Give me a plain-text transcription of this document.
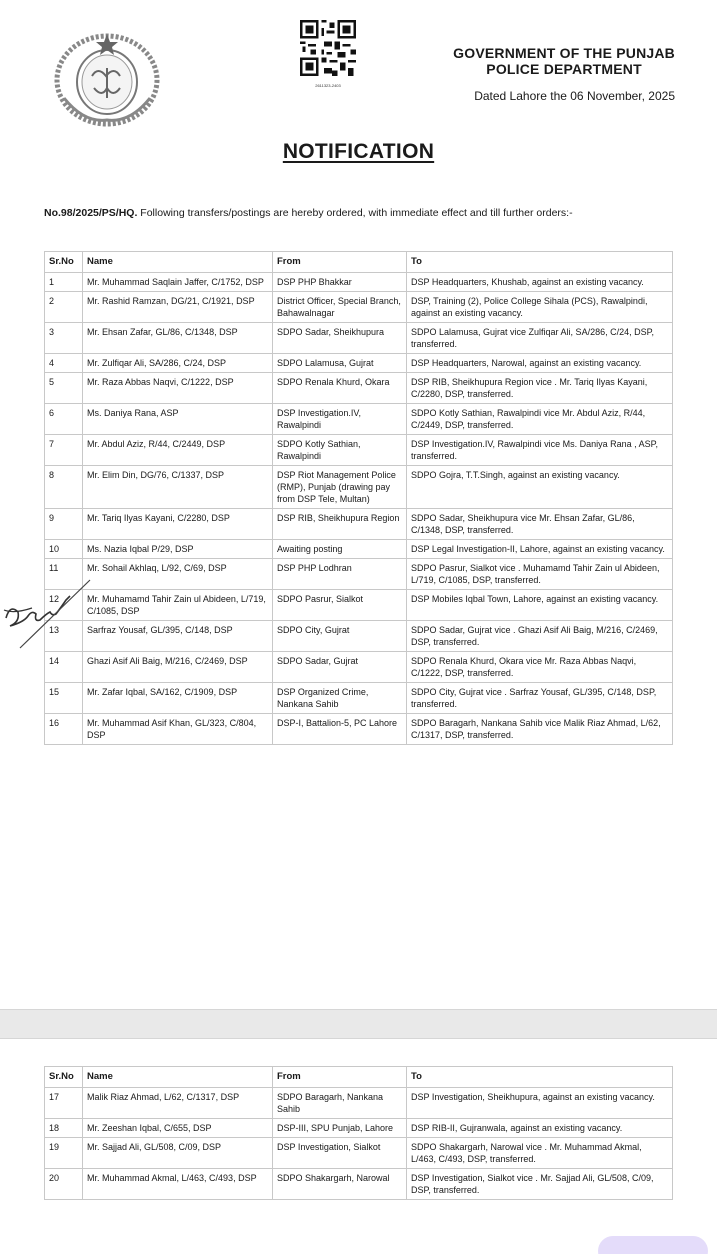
2611323-2403
GOVERNMENT OF THE PUNJAB
POLICE DEPARTMENT
Dated Lahore the 06 November, 2025
NOTIFICATION
No.98/2025/PS/HQ. Following transfers/postings are hereby ordered, with immediate effect and till further orders:-
Sr.No	Name	From	To
1	Mr. Muhammad Saqlain Jaffer, C/1752, DSP	DSP PHP Bhakkar	DSP Headquarters, Khushab, against an existing vacancy.
2	Mr. Rashid Ramzan, DG/21, C/1921, DSP	District Officer, Special Branch, Bahawalnagar	DSP, Training (2), Police College Sihala (PCS), Rawalpindi, against an existing vacancy.
3	Mr. Ehsan Zafar, GL/86, C/1348, DSP	SDPO Sadar, Sheikhupura	SDPO Lalamusa, Gujrat vice Zulfiqar Ali, SA/286, C/24, DSP, transferred.
4	Mr. Zulfiqar Ali, SA/286, C/24, DSP	SDPO Lalamusa, Gujrat	DSP Headquarters, Narowal, against an existing vacancy.
5	Mr. Raza Abbas Naqvi, C/1222, DSP	SDPO Renala Khurd, Okara	DSP RIB, Sheikhupura Region vice . Mr. Tariq Ilyas Kayani, C/2280, DSP, transferred.
6	Ms. Daniya Rana, ASP	DSP Investigation.IV, Rawalpindi	SDPO Kotly Sathian, Rawalpindi vice Mr. Abdul Aziz, R/44, C/2449, DSP, transferred.
7	Mr. Abdul Aziz, R/44, C/2449, DSP	SDPO Kotly Sathian, Rawalpindi	DSP Investigation.IV, Rawalpindi vice Ms. Daniya Rana , ASP, transferred.
8	Mr. Elim Din, DG/76, C/1337, DSP	DSP Riot Management Police (RMP), Punjab (drawing pay from DSP Tele, Multan)	SDPO Gojra, T.T.Singh, against an existing vacancy.
9	Mr. Tariq Ilyas Kayani, C/2280, DSP	DSP RIB, Sheikhupura Region	SDPO Sadar, Sheikhupura vice Mr. Ehsan Zafar, GL/86, C/1348, DSP, transferred.
10	Ms. Nazia Iqbal P/29, DSP	Awaiting posting	DSP Legal Investigation-II, Lahore, against an existing vacancy.
11	Mr. Sohail Akhlaq, L/92, C/69, DSP	DSP PHP Lodhran	SDPO Pasrur, Sialkot vice . Muhamamd Tahir Zain ul Abideen, L/719, C/1085, DSP, transferred.
12	Mr. Muhamamd Tahir Zain ul Abideen, L/719, C/1085, DSP	SDPO Pasrur, Sialkot	DSP Mobiles Iqbal Town, Lahore, against an existing vacancy.
13	Sarfraz Yousaf, GL/395, C/148, DSP	SDPO City, Gujrat	SDPO Sadar, Gujrat vice . Ghazi Asif Ali Baig, M/216, C/2469, DSP, transferred.
14	Ghazi Asif Ali Baig, M/216, C/2469, DSP	SDPO Sadar, Gujrat	SDPO Renala Khurd, Okara vice Mr. Raza Abbas Naqvi, C/1222, DSP, transferred.
15	Mr. Zafar Iqbal, SA/162, C/1909, DSP	DSP Organized Crime, Nankana Sahib	SDPO City, Gujrat vice . Sarfraz Yousaf, GL/395, C/148, DSP, transferred.
16	Mr. Muhammad Asif Khan, GL/323, C/804, DSP	DSP-I, Battalion-5, PC Lahore	SDPO Baragarh, Nankana Sahib vice Malik Riaz Ahmad, L/62, C/1317, DSP, transferred.
Sr.No	Name	From	To
17	Malik Riaz Ahmad, L/62, C/1317, DSP	SDPO Baragarh, Nankana Sahib	DSP Investigation, Sheikhupura, against an existing vacancy.
18	Mr. Zeeshan Iqbal, C/655, DSP	DSP-III, SPU Punjab, Lahore	DSP RIB-II, Gujranwala, against an existing vacancy.
19	Mr. Sajjad Ali, GL/508, C/09, DSP	DSP Investigation, Sialkot	SDPO Shakargarh, Narowal vice . Mr. Muhammad Akmal, L/463, C/493, DSP, transferred.
20	Mr. Muhammad Akmal, L/463, C/493, DSP	SDPO Shakargarh, Narowal	DSP Investigation, Sialkot vice . Mr. Sajjad Ali, GL/508, C/09, DSP, transferred.
